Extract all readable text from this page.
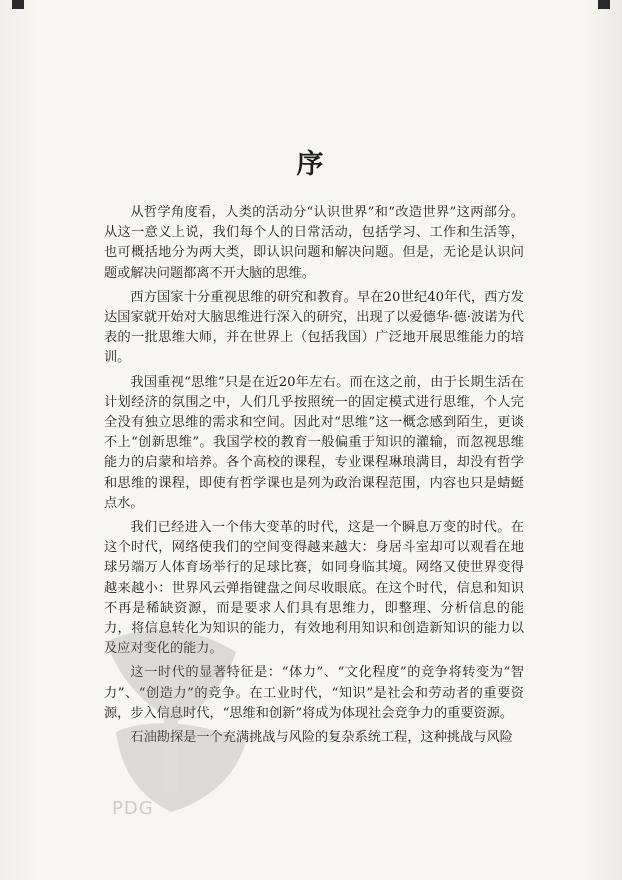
序

从哲学角度看，人类的活动分“认识世界”和“改造世界”这两部分。从这一意义上说，我们每个人的日常活动，包括学习、工作和生活等，也可概括地分为两大类，即认识问题和解决问题。但是，无论是认识问题或解决问题都离不开大脑的思维。

西方国家十分重视思维的研究和教育。早在20世纪40年代，西方发达国家就开始对大脑思维进行深入的研究，出现了以爱德华·德·波诺为代表的一批思维大师，并在世界上（包括我国）广泛地开展思维能力的培训。

我国重视“思维”只是在近20年左右。而在这之前，由于长期生活在计划经济的氛围之中，人们几乎按照统一的固定模式进行思维，个人完全没有独立思维的需求和空间。因此对“思维”这一概念感到陌生，更谈不上“创新思维”。我国学校的教育一般偏重于知识的灌输，而忽视思维能力的启蒙和培养。各个高校的课程，专业课程琳琅满目，却没有哲学和思维的课程，即使有哲学课也是列为政治课程范围，内容也只是蜻蜓点水。

我们已经进入一个伟大变革的时代，这是一个瞬息万变的时代。在这个时代，网络使我们的空间变得越来越大：身居斗室却可以观看在地球另端万人体育场举行的足球比赛，如同身临其境。网络又使世界变得越来越小：世界风云弹指键盘之间尽收眼底。在这个时代，信息和知识不再是稀缺资源，而是要求人们具有思维力，即整理、分析信息的能力，将信息转化为知识的能力，有效地利用知识和创造新知识的能力以及应对变化的能力。

这一时代的显著特征是：“体力”、“文化程度”的竞争将转变为“智力”、“创造力”的竞争。在工业时代，“知识”是社会和劳动者的重要资源，步入信息时代，“思维和创新”将成为体现社会竞争力的重要资源。

石油勘探是一个充满挑战与风险的复杂系统工程，这种挑战与风险

PDG
